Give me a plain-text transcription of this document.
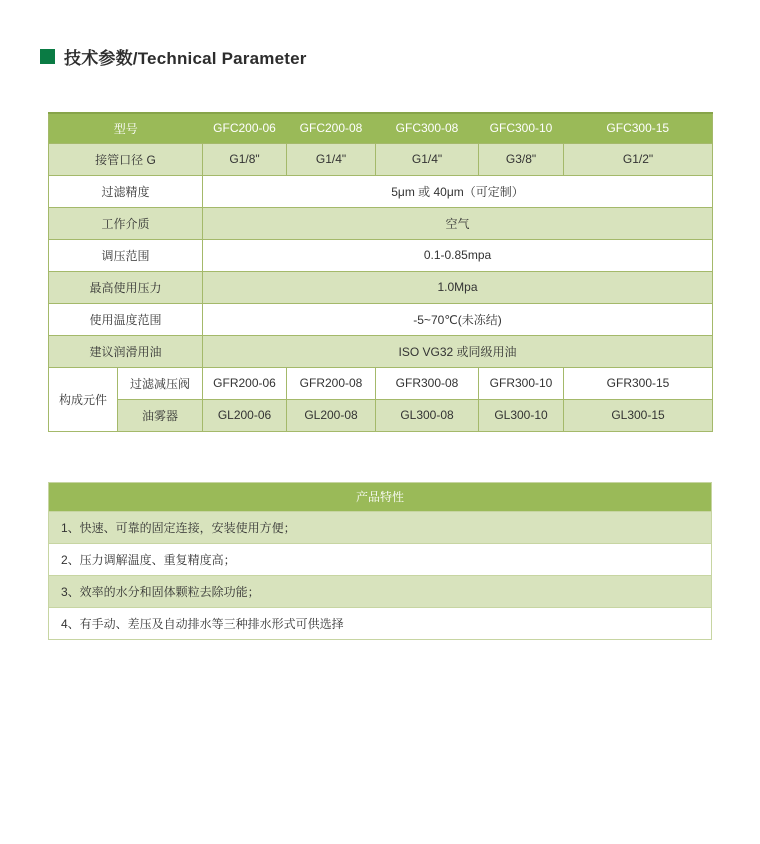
技术参数/Technical Parameter
型号		GFC200-06	GFC200-08	GFC300-08	GFC300-10	GFC300-15
接管口径 G		G1/8"	G1/4"	G1/4"	G3/8"	G1/2"
过滤精度		5μm 或 40μm（可定制）				
工作介质		空气				
调压范围		0.1-0.85mpa				
最高使用压力		1.0Mpa				
使用温度范围		-5~70℃(未冻结)				
建议润滑用油		ISO VG32 或同级用油				
构成元件	过滤减压阀	GFR200-06	GFR200-08	GFR300-08	GFR300-10	GFR300-15
	油雾器	GL200-06	GL200-08	GL300-08	GL300-10	GL300-15
产品特性
1、快速、可靠的固定连接，安装使用方便；
2、压力调解温度、重复精度高；
3、效率的水分和固体颗粒去除功能；
4、有手动、差压及自动排水等三种排水形式可供选择
